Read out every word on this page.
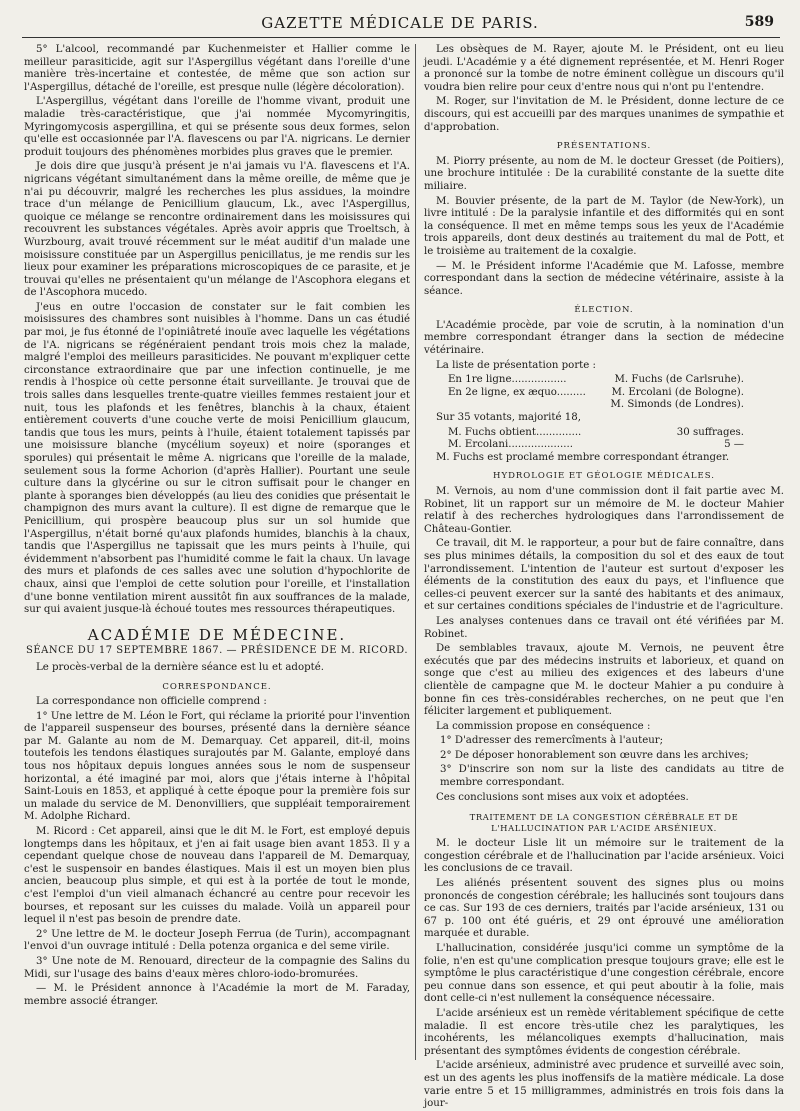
GAZETTE MÉDICALE DE PARIS.	589

5° L'alcool, recommandé par Kuchenmeister et Hallier comme le meilleur parasiticide, agit sur l'Aspergillus végétant dans l'oreille d'une manière très-incertaine et contestée, de même que son action sur l'Aspergillus, détaché de l'oreille, est presque nulle (légère décoloration).

L'Aspergillus, végétant dans l'oreille de l'homme vivant, produit une maladie très-caractéristique, que j'ai nommée Mycomyringitis, Myringomycosis aspergillina, et qui se présente sous deux formes, selon qu'elle est occasionnée par l'A. flavescens ou par l'A. nigricans. Le dernier produit toujours des phénomènes morbides plus graves que le premier.

Je dois dire que jusqu'à présent je n'ai jamais vu l'A. flavescens et l'A. nigricans végétant simultanément dans la même oreille, de même que je n'ai pu découvrir, malgré les recherches les plus assidues, la moindre trace d'un mélange de Penicillium glaucum, Lk., avec l'Aspergillus, quoique ce mélange se rencontre ordinairement dans les moisissures qui recouvrent les substances végétales. Après avoir appris que Troeltsch, à Wurzbourg, avait trouvé récemment sur le méat auditif d'un malade une moisissure constituée par un Aspergillus penicillatus, je me rendis sur les lieux pour examiner les préparations microscopiques de ce parasite, et je trouvai qu'elles ne présentaient qu'un mélange de l'Ascophora elegans et de l'Ascophora mucedo.

J'eus en outre l'occasion de constater sur le fait combien les moisissures des chambres sont nuisibles à l'homme. Dans un cas étudié par moi, je fus étonné de l'opiniâtreté inouïe avec laquelle les végétations de l'A. nigricans se régénéraient pendant trois mois chez la malade, malgré l'emploi des meilleurs parasiticides. Ne pouvant m'expliquer cette circonstance extraordinaire que par une infection continuelle, je me rendis à l'hospice où cette personne était surveillante. Je trouvai que de trois salles dans lesquelles trente-quatre vieilles femmes restaient jour et nuit, tous les plafonds et les fenêtres, blanchis à la chaux, étaient entièrement couverts d'une couche verte de moisi Penicillium glaucum, tandis que tous les murs, peints à l'huile, étaient totalement tapissés par une moisissure blanche (mycélium soyeux) et noire (sporanges et sporules) qui présentait le même A. nigricans que l'oreille de la malade, seulement sous la forme Achorion (d'après Hallier). Pourtant une seule culture dans la glycérine ou sur le citron suffisait pour le changer en plante à sporanges bien développés (au lieu des conidies que présentait le champignon des murs avant la culture). Il est digne de remarque que le Penicillium, qui prospère beaucoup plus sur un sol humide que l'Aspergillus, n'était borné qu'aux plafonds humides, blanchis à la chaux, tandis que l'Aspergillus ne tapissait que les murs peints à l'huile, qui évidemment n'absorbent pas l'humidité comme le fait la chaux. Un lavage des murs et plafonds de ces salles avec une solution d'hypochlorite de chaux, ainsi que l'emploi de cette solution pour l'oreille, et l'installation d'une bonne ventilation mirent aussitôt fin aux souffrances de la malade, sur qui avaient jusque-là échoué toutes mes ressources thérapeutiques.

ACADÉMIE DE MÉDECINE.
SÉANCE DU 17 SEPTEMBRE 1867. — PRÉSIDENCE DE M. RICORD.

Le procès-verbal de la dernière séance est lu et adopté.

CORRESPONDANCE.

La correspondance non officielle comprend :

1° Une lettre de M. Léon le Fort, qui réclame la priorité pour l'invention de l'appareil suspenseur des bourses, présenté dans la dernière séance par M. Galante au nom de M. Demarquay. Cet appareil, dit-il, moins toutefois les tendons élastiques surajoutés par M. Galante, employé dans tous nos hôpitaux depuis longues années sous le nom de suspenseur horizontal, a été imaginé par moi, alors que j'étais interne à l'hôpital Saint-Louis en 1853, et appliqué à cette époque pour la première fois sur un malade du service de M. Denonvilliers, que suppléait temporairement M. Adolphe Richard.

M. Ricord : Cet appareil, ainsi que le dit M. le Fort, est employé depuis longtemps dans les hôpitaux, et j'en ai fait usage bien avant 1853. Il y a cependant quelque chose de nouveau dans l'appareil de M. Demarquay, c'est le suspensoir en bandes élastiques. Mais il est un moyen bien plus ancien, beaucoup plus simple, et qui est à la portée de tout le monde, c'est l'emploi d'un vieil almanach échancré au centre pour recevoir les bourses, et reposant sur les cuisses du malade. Voilà un appareil pour lequel il n'est pas besoin de prendre date.

2° Une lettre de M. le docteur Joseph Ferrua (de Turin), accompagnant l'envoi d'un ouvrage intitulé : Della potenza organica e del seme virile.

3° Une note de M. Renouard, directeur de la compagnie des Salins du Midi, sur l'usage des bains d'eaux mères chloro-iodo-bromurées.

— M. le Président annonce à l'Académie la mort de M. Faraday, membre associé étranger.

Les obsèques de M. Rayer, ajoute M. le Président, ont eu lieu jeudi. L'Académie y a été dignement représentée, et M. Henri Roger a prononcé sur la tombe de notre éminent collègue un discours qu'il voudra bien relire pour ceux d'entre nous qui n'ont pu l'entendre.

M. Roger, sur l'invitation de M. le Président, donne lecture de ce discours, qui est accueilli par des marques unanimes de sympathie et d'approbation.

PRÉSENTATIONS.

M. Piorry présente, au nom de M. le docteur Gresset (de Poitiers), une brochure intitulée : De la curabilité constante de la suette dite miliaire.

M. Bouvier présente, de la part de M. Taylor (de New-York), un livre intitulé : De la paralysie infantile et des difformités qui en sont la conséquence. Il met en même temps sous les yeux de l'Académie trois appareils, dont deux destinés au traitement du mal de Pott, et le troisième au traitement de la coxalgie.

— M. le Président informe l'Académie que M. Lafosse, membre correspondant dans la section de médecine vétérinaire, assiste à la séance.

ÉLECTION.

L'Académie procède, par voie de scrutin, à la nomination d'un membre correspondant étranger dans la section de médecine vétérinaire.

La liste de présentation porte :

En 1re ligne.................	M. Fuchs (de Carlsruhe).
En 2e ligne, ex æquo.........	M. Ercolani (de Bologne).
M. Simonds (de Londres).

Sur 35 votants, majorité 18,

M. Fuchs obtient..............	30 suffrages.
M. Ercolani....................	5 —

M. Fuchs est proclamé membre correspondant étranger.

HYDROLOGIE ET GÉOLOGIE MÉDICALES.

M. Vernois, au nom d'une commission dont il fait partie avec M. Robinet, lit un rapport sur un mémoire de M. le docteur Mahier relatif à des recherches hydrologiques dans l'arrondissement de Château-Gontier.

Ce travail, dit M. le rapporteur, a pour but de faire connaître, dans ses plus minimes détails, la composition du sol et des eaux de tout l'arrondissement. L'intention de l'auteur est surtout d'exposer les éléments de la constitution des eaux du pays, et l'influence que celles-ci peuvent exercer sur la santé des habitants et des animaux, et sur certaines conditions spéciales de l'industrie et de l'agriculture.

Les analyses contenues dans ce travail ont été vérifiées par M. Robinet.

De semblables travaux, ajoute M. Vernois, ne peuvent être exécutés que par des médecins instruits et laborieux, et quand on songe que c'est au milieu des exigences et des labeurs d'une clientèle de campagne que M. le docteur Mahier a pu conduire à bonne fin ces très-considérables recherches, on ne peut que l'en féliciter largement et publiquement.

La commission propose en conséquence :

1° D'adresser des remercîments à l'auteur;

2° De déposer honorablement son œuvre dans les archives;

3° D'inscrire son nom sur la liste des candidats au titre de membre correspondant.

Ces conclusions sont mises aux voix et adoptées.

TRAITEMENT DE LA CONGESTION CÉRÉBRALE ET DE L'HALLUCINATION PAR L'ACIDE ARSÉNIEUX.

M. le docteur Lisle lit un mémoire sur le traitement de la congestion cérébrale et de l'hallucination par l'acide arsénieux. Voici les conclusions de ce travail.

Les aliénés présentent souvent des signes plus ou moins prononcés de congestion cérébrale; les hallucinés sont toujours dans ce cas. Sur 193 de ces derniers, traités par l'acide arsénieux, 131 ou 67 p. 100 ont été guéris, et 29 ont éprouvé une amélioration marquée et durable.

L'hallucination, considérée jusqu'ici comme un symptôme de la folie, n'en est qu'une complication presque toujours grave; elle est le symptôme le plus caractéristique d'une congestion cérébrale, encore peu connue dans son essence, et qui peut aboutir à la folie, mais dont celle-ci n'est nullement la conséquence nécessaire.

L'acide arsénieux est un remède véritablement spécifique de cette maladie. Il est encore très-utile chez les paralytiques, les incohérents, les mélancoliques exempts d'hallucination, mais présentant des symptômes évidents de congestion cérébrale.

L'acide arsénieux, administré avec prudence et surveillé avec soin, est un des agents les plus inoffensifs de la matière médicale. La dose varie entre 5 et 15 milligrammes, administrés en trois fois dans la jour-
